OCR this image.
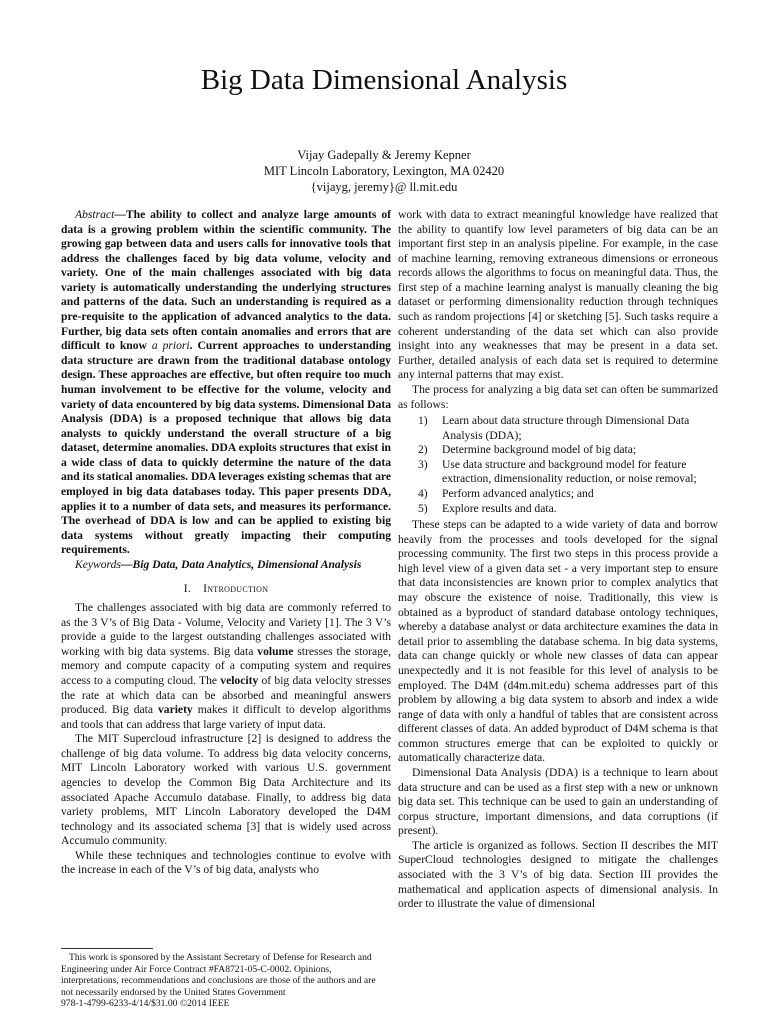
Big Data Dimensional Analysis
Vijay Gadepally & Jeremy Kepner
MIT Lincoln Laboratory, Lexington, MA 02420
{vijayg, jeremy}@ ll.mit.edu

Abstract—The ability to collect and analyze large amounts of data is a growing problem within the scientific community. The growing gap between data and users calls for innovative tools that address the challenges faced by big data volume, velocity and variety. One of the main challenges associated with big data variety is automatically understanding the underlying structures and patterns of the data. Such an understanding is required as a pre-requisite to the application of advanced analytics to the data. Further, big data sets often contain anomalies and errors that are difficult to know a priori. Current approaches to understanding data structure are drawn from the traditional database ontology design. These approaches are effective, but often require too much human involvement to be effective for the volume, velocity and variety of data encountered by big data systems. Dimensional Data Analysis (DDA) is a proposed technique that allows big data analysts to quickly understand the overall structure of a big dataset, determine anomalies. DDA exploits structures that exist in a wide class of data to quickly determine the nature of the data and its statical anomalies. DDA leverages existing schemas that are employed in big data databases today. This paper presents DDA, applies it to a number of data sets, and measures its performance. The overhead of DDA is low and can be applied to existing big data systems without greatly impacting their computing requirements.

Keywords—Big Data, Data Analytics, Dimensional Analysis

I. Introduction

The challenges associated with big data are commonly referred to as the 3 V’s of Big Data - Volume, Velocity and Variety [1]. The 3 V’s provide a guide to the largest outstanding challenges associated with working with big data systems. Big data volume stresses the storage, memory and compute capacity of a computing system and requires access to a computing cloud. The velocity of big data velocity stresses the rate at which data can be absorbed and meaningful answers produced. Big data variety makes it difficult to develop algorithms and tools that can address that large variety of input data.

The MIT Supercloud infrastructure [2] is designed to address the challenge of big data volume. To address big data velocity concerns, MIT Lincoln Laboratory worked with various U.S. government agencies to develop the Common Big Data Architecture and its associated Apache Accumulo database. Finally, to address big data variety problems, MIT Lincoln Laboratory developed the D4M technology and its associated schema [3] that is widely used across Accumulo community.

While these techniques and technologies continue to evolve with the increase in each of the V’s of big data, analysts who

work with data to extract meaningful knowledge have realized that the ability to quantify low level parameters of big data can be an important first step in an analysis pipeline. For example, in the case of machine learning, removing extraneous dimensions or erroneous records allows the algorithms to focus on meaningful data. Thus, the first step of a machine learning analyst is manually cleaning the big dataset or performing dimensionality reduction through techniques such as random projections [4] or sketching [5]. Such tasks require a coherent understanding of the data set which can also provide insight into any weaknesses that may be present in a data set. Further, detailed analysis of each data set is required to determine any internal patterns that may exist.

The process for analyzing a big data set can often be summarized as follows:

1)	Learn about data structure through Dimensional Data Analysis (DDA);
2)	Determine background model of big data;
3)	Use data structure and background model for feature extraction, dimensionality reduction, or noise removal;
4)	Perform advanced analytics; and
5)	Explore results and data.

These steps can be adapted to a wide variety of data and borrow heavily from the processes and tools developed for the signal processing community. The first two steps in this process provide a high level view of a given data set - a very important step to ensure that data inconsistencies are known prior to complex analytics that may obscure the existence of noise. Traditionally, this view is obtained as a byproduct of standard database ontology techniques, whereby a database analyst or data architecture examines the data in detail prior to assembling the database schema. In big data systems, data can change quickly or whole new classes of data can appear unexpectedly and it is not feasible for this level of analysis to be employed. The D4M (d4m.mit.edu) schema addresses part of this problem by allowing a big data system to absorb and index a wide range of data with only a handful of tables that are consistent across different classes of data. An added byproduct of D4M schema is that common structures emerge that can be exploited to quickly or automatically characterize data.

Dimensional Data Analysis (DDA) is a technique to learn about data structure and can be used as a first step with a new or unknown big data set. This technique can be used to gain an understanding of corpus structure, important dimensions, and data corruptions (if present).

The article is organized as follows. Section II describes the MIT SuperCloud technologies designed to mitigate the challenges associated with the 3 V’s of big data. Section III provides the mathematical and application aspects of dimensional analysis. In order to illustrate the value of dimensional

This work is sponsored by the Assistant Secretary of Defense for Research and Engineering under Air Force Contract #FA8721-05-C-0002. Opinions, interpretations, recommendations and conclusions are those of the authors and are not necessarily endorsed by the United States Government

978-1-4799-6233-4/14/$31.00 ©2014 IEEE
